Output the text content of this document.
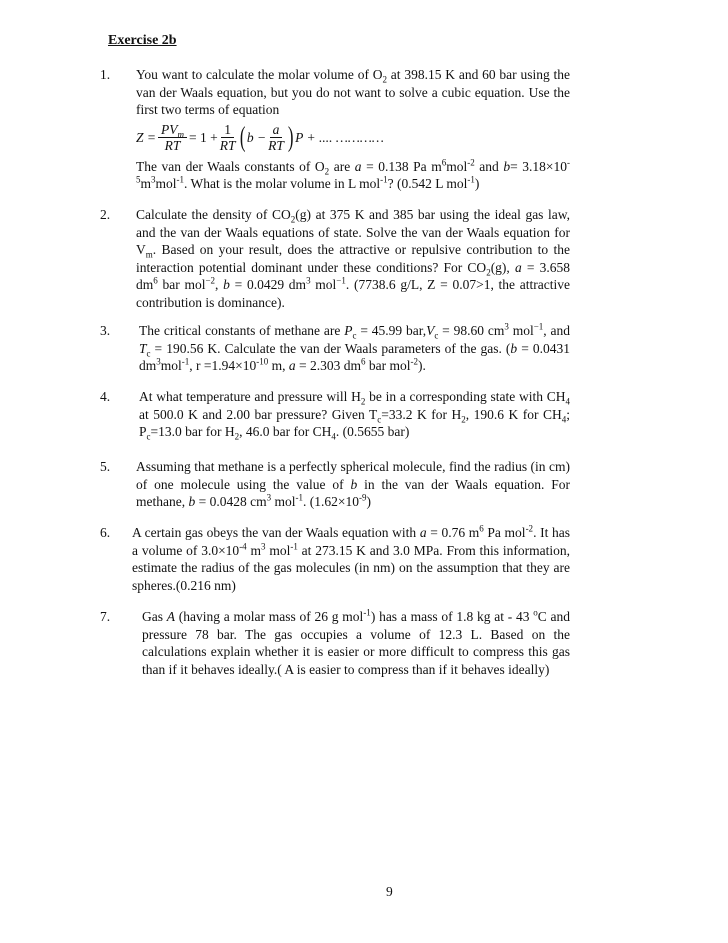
Exercise 2b
1. You want to calculate the molar volume of $O_2$ at 398.15 K and 60 bar using the van der Waals equation, but you do not want to solve a cubic equation. Use the first two terms of equation
$Z = \frac{PV_m}{RT} = 1 + \frac{1}{RT}$ ( $b - \frac{a}{RT}$ ) P + .... …………
The van der Waals constants of $O_2$ are a = 0.138 Pa $m^6mol^{-2}$ and $b= 3.18\times 10^{-5}m^3mol^{-1}$. What is the molar volume in L mol$^{-1}$? (0.542 L mol$^{-1}$)
2. Calculate the density of $CO_2(g)$ at 375 K and 385 bar using the ideal gas law, and the van der Waals equations of state. Solve the van der Waals equation for $V_m$. Based on your result, does the attractive or repulsive contribution to the interaction potential dominant under these conditions? For $CO_2(g)$, a = 3.658 $dm^6$ bar mol$^{-2}$, b = 0.0429 $dm^3$ mol$^{-1}$. (7738.6 g/L, Z = 0.07>1, the attractive contribution is dominance).
3. The critical constants of methane are $P_c = 45.99$ $bar,V_c = 98.60$ $cm^3$ mol$^{-1}$, and $T_c = 190.56$ K. Calculate the van der Waals parameters of the gas. (b = 0.0431 $dm^3mol^{-1}$, $r =1.94\times 10^{-10}$ m, a = 2.303 $dm^6$ bar mol$^{-2}$).
4. At what temperature and pressure will $H_2$ be in a corresponding state with $CH_4$ at 500.0 K and 2.00 bar pressure? Given $T_c=33.2$ K for $H_2$, 190.6 K for $CH_4$; $P_c=13.0$ bar for $H_2$, 46.0 bar for $CH_4$. (0.5655 bar)
5. Assuming that methane is a perfectly spherical molecule, find the radius (in cm) of one molecule using the value of b in the van der Waals equation. For methane, b = 0.0428 $cm^3$ mol$^{-1}$. $(1.62\times 10^{-9})$
6. A certain gas obeys the van der Waals equation with a = 0.76 $m^6$ Pa mol$^{-2}$. It has a volume of $3.0\times 10^{-4}$ $m^3$ mol$^{-1}$ at 273.15 K and 3.0 MPa. From this information, estimate the radius of the gas molecules (in nm) on the assumption that they are spheres.(0.216 nm)
7. Gas A (having a molar mass of 26 g mol$^{-1}$) has a mass of 1.8 kg at - 43 $^o$C and pressure 78 bar. The gas occupies a volume of 12.3 L. Based on the calculations explain whether it is easier or more difficult to compress this gas than if it behaves ideally.( A is easier to compress than if it behaves ideally)
9
